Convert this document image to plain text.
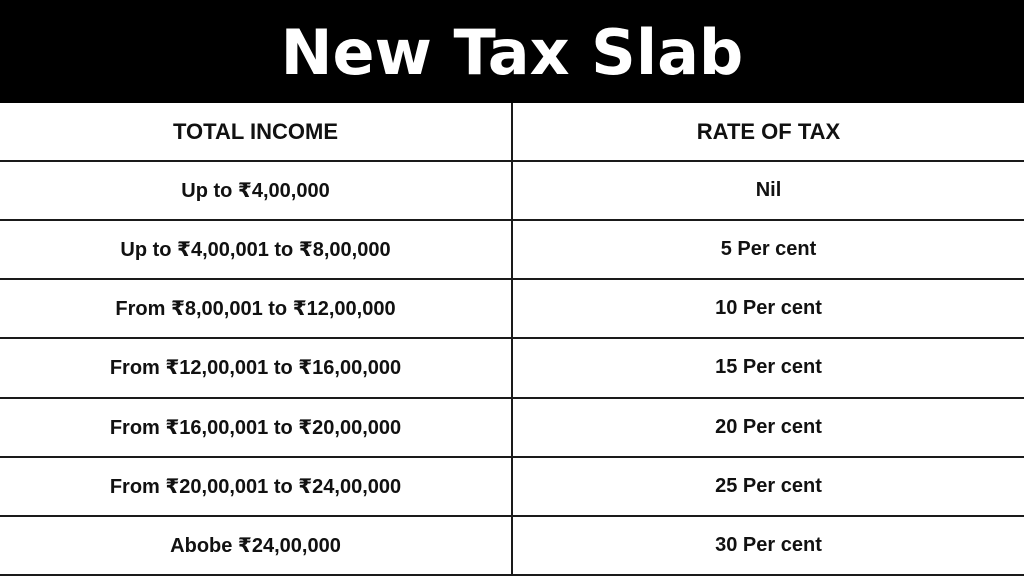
New Tax Slab
TOTAL INCOME	RATE OF TAX
Up to ₹4,00,000	Nil
Up to ₹4,00,001 to ₹8,00,000	5 Per cent
From ₹8,00,001 to ₹12,00,000	10 Per cent
From ₹12,00,001 to ₹16,00,000	15 Per cent
From ₹16,00,001 to ₹20,00,000	20 Per cent
From ₹20,00,001 to ₹24,00,000	25 Per cent
Abobe ₹24,00,000	30 Per cent
